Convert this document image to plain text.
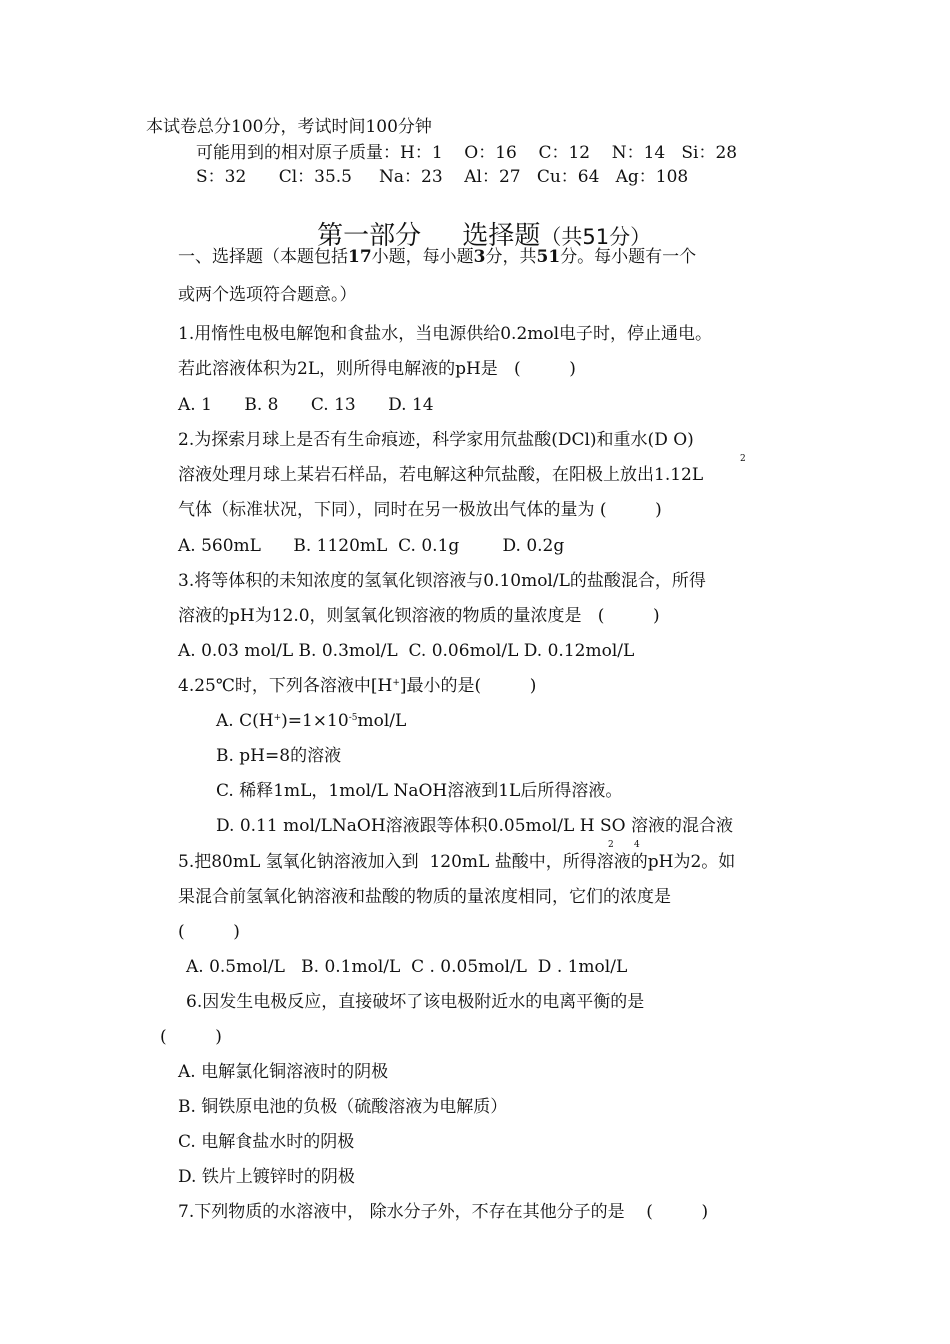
本试卷总分100分，考试时间100分钟
可能用到的相对原子质量：H：1    O：16    C：12    N：14   Si：28
S：32      Cl：35.5     Na：23    Al：27   Cu：64   Ag：108

第一部分     选择题（共51分）

一、选择题（本题包括17小题，每小题3分，共51分。每小题有一个
或两个选项符合题意。）
1.用惰性电极电解饱和食盐水，当电源供给0.2mol电子时，停止通电。
若此溶液体积为2L，则所得电解液的pH是   (         )
A. 1      B. 8      C. 13      D. 14
2.为探索月球上是否有生命痕迹，科学家用氘盐酸(DCl)和重水(D O)
2
溶液处理月球上某岩石样品，若电解这种氘盐酸，在阳极上放出1.12L
气体（标准状况，下同），同时在另一极放出气体的量为 (         )
A. 560mL      B. 1120mL  C. 0.1g        D. 0.2g
3.将等体积的未知浓度的氢氧化钡溶液与0.10mol/L的盐酸混合，所得
溶液的pH为12.0，则氢氧化钡溶液的物质的量浓度是   (         )
A. 0.03 mol/L B. 0.3mol/L  C. 0.06mol/L D. 0.12mol/L
4.25℃时，下列各溶液中[H+]最小的是(         )
A. $C(H^+)=1\times 10^{-5}mol/L$
B. pH=8的溶液
C. 稀释1mL，1mol/L NaOH溶液到1L后所得溶液。
D. 0.11 mol/LNaOH溶液跟等体积0.05mol/L H SO 溶液的混合液
2 4
5.把80mL 氢氧化钠溶液加入到  120mL 盐酸中，所得溶液的pH为2。如
果混合前氢氧化钠溶液和盐酸的物质的量浓度相同，它们的浓度是
(         )
A. 0.5mol/L   B. 0.1mol/L  C . 0.05mol/L  D . 1mol/L
6.因发生电极反应，直接破坏了该电极附近水的电离平衡的是
(         )
A. 电解氯化铜溶液时的阴极
B. 铜铁原电池的负极（硫酸溶液为电解质）
C. 电解食盐水时的阴极
D. 铁片上镀锌时的阴极
7.下列物质的水溶液中， 除水分子外，不存在其他分子的是    (         )
